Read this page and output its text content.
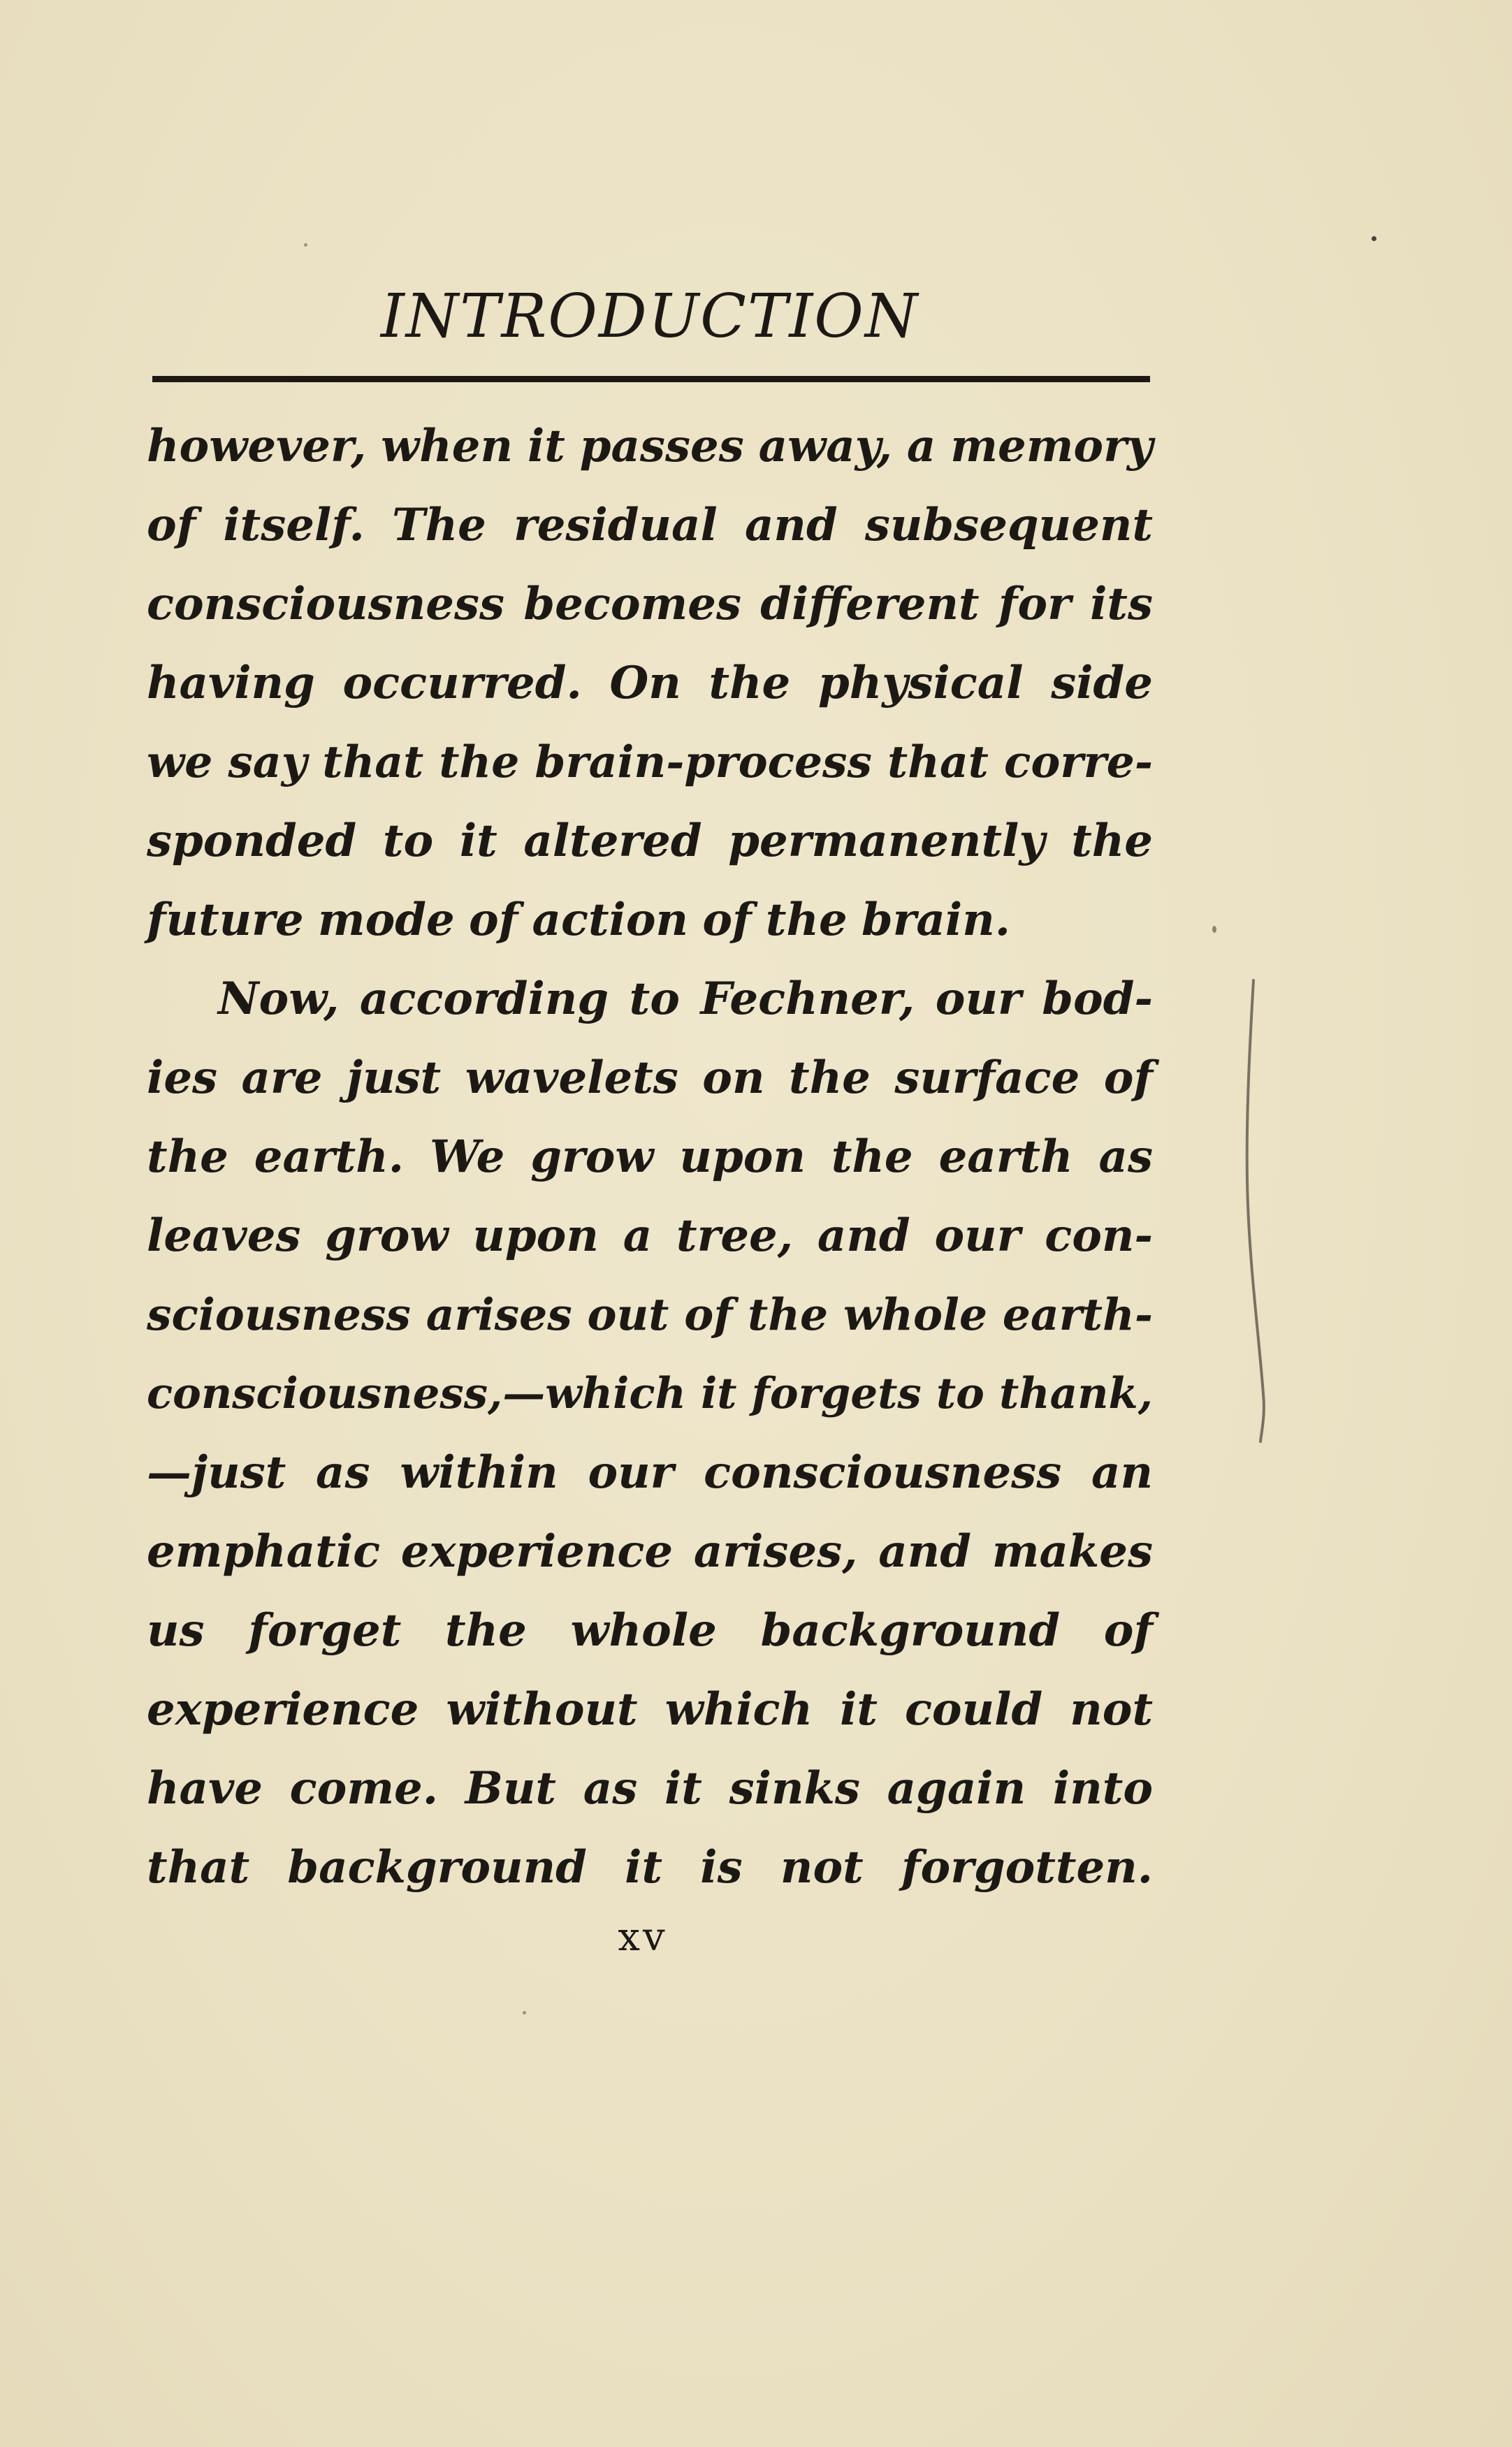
INTRODUCTION
however, when it passes away, a memory
of itself. The residual and subsequent
consciousness becomes different for its
having occurred. On the physical side
we say that the brain-process that corre-
sponded to it altered permanently the
future mode of action of the brain.
Now, according to Fechner, our bod-
ies are just wavelets on the surface of
the earth. We grow upon the earth as
leaves grow upon a tree, and our con-
sciousness arises out of the whole earth-
consciousness,—which it forgets to thank,
—just as within our consciousness an
emphatic experience arises, and makes
us forget the whole background of
experience without which it could not
have come. But as it sinks again into
that background it is not forgotten.
xv
